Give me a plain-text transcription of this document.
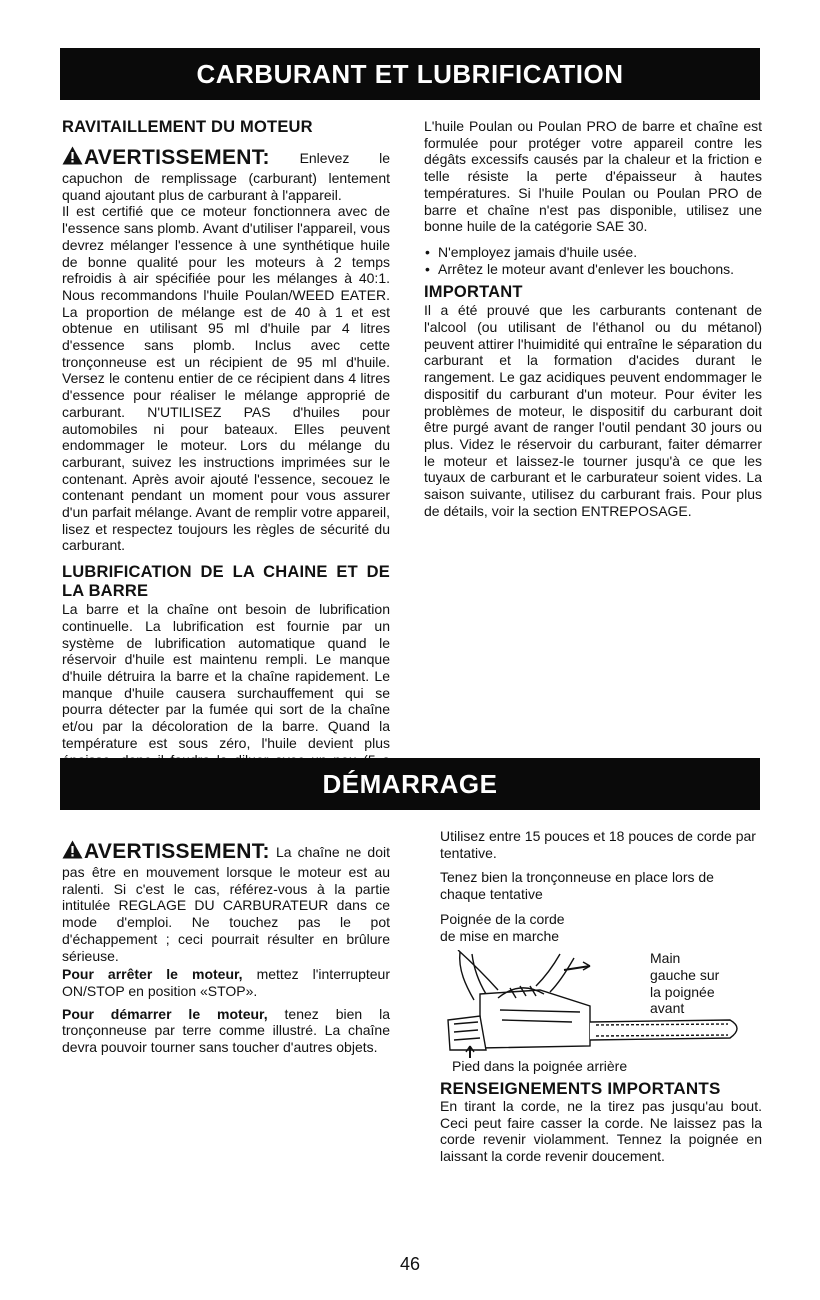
CARBURANT ET LUBRIFICATION

RAVITAILLEMENT DU MOTEUR

AVERTISSEMENT: Enlevez le capuchon de remplissage (carburant) lentement quand ajoutant plus de carburant à l'appareil.

Il est certifié que ce moteur fonctionnera avec de l'essence sans plomb. Avant d'utiliser l'appareil, vous devrez mélanger l'essence à une synthétique huile de bonne qualité pour les moteurs à 2 temps refroidis à air spécifiée pour les mélanges à 40:1. Nous recommandons l'huile Poulan/WEED EATER. La proportion de mélange est de 40 à 1 et est obtenue en utilisant 95 ml d'huile par 4 litres d'essence sans plomb. Inclus avec cette tronçonneuse est un récipient de 95 ml d'huile. Versez le contenu entier de ce récipient dans 4 litres d'essence pour réaliser le mélange approprié de carburant. N'UTILISEZ PAS d'huiles pour automobiles ni pour bateaux. Elles peuvent endommager le moteur. Lors du mélange du carburant, suivez les instructions imprimées sur le contenant. Après avoir ajouté l'essence, secouez le contenant pendant un moment pour vous assurer d'un parfait mélange. Avant de remplir votre appareil, lisez et respectez toujours les règles de sécurité du carburant.

LUBRIFICATION DE LA CHAINE ET DE LA BARRE

La barre et la chaîne ont besoin de lubrification continuelle. La lubrification est fournie par un système de lubrification automatique quand le réservoir d'huile est maintenu rempli. Le manque d'huile détruira la barre et la chaîne rapidement. Le manque d'huile causera surchauffement qui se pourra détecter par la fumée qui sort de la chaîne et/ou par la décoloration de la barre. Quand la température est sous zéro, l'huile devient plus

L'huile Poulan ou Poulan PRO de barre et chaîne est formulée pour protéger votre appareil contre les dégâts excessifs causés par la chaleur et la friction e telle résiste la perte d'épaisseur à hautes températures. Si l'huile Poulan ou Poulan PRO de barre et chaîne n'est pas disponible, utilisez une bonne huile de la catégorie SAE 30.

• N'employez jamais d'huile usée.
• Arrêtez le moteur avant d'enlever les bouchons.

IMPORTANT

Il a été prouvé que les carburants contenant de l'alcool (ou utilisant de l'éthanol ou du métanol) peuvent attirer l'huimidité qui entraîne le séparation du carburant et la formation d'acides durant le rangement. Le gaz acidiques peuvent endommager le dispositif du carburant d'un moteur. Pour éviter les problèmes de moteur, le dispositif du carburant doit être purgé avant de ranger l'outil pendant 30 jours ou plus. Videz le réservoir du carburant, faiter démarrer le moteur et laissez-le tourner jusqu'à ce que les tuyaux de carburant et le carburateur soient vides. La saison suivante, utilisez du carburant frais. Pour plus de détails, voir la section ENTREPOSAGE.

DÉMARRAGE

AVERTISSEMENT: La chaîne ne doit pas être en mouvement lorsque le moteur est au ralenti. Si c'est le cas, référez-vous à la partie intitulée REGLAGE DU CARBURATEUR dans ce mode d'emploi. Ne touchez pas le pot d'échappement ; ceci pourrait résulter en brûlure sérieuse.

Pour arrêter le moteur, mettez l'interrupteur ON/STOP en position «STOP».

Pour démarrer le moteur, tenez bien la tronçonneuse par terre comme illustré. La chaîne devra pouvoir tourner sans toucher d'autres objets.

Utilisez entre 15 pouces et 18 pouces de corde par tentative.

Tenez bien la tronçonneuse en place lors de chaque tentative

Poignée de la corde

de mise en marche

Main
gauche sur
la poignée
avant

Pied dans la poignée arrière

RENSEIGNEMENTS IMPORTANTS

En tirant la corde, ne la tirez pas jusqu'au bout. Ceci peut faire casser la corde. Ne laissez pas la corde revenir violamment. Tennez la poignée en laissant la corde revenir doucement.

46
